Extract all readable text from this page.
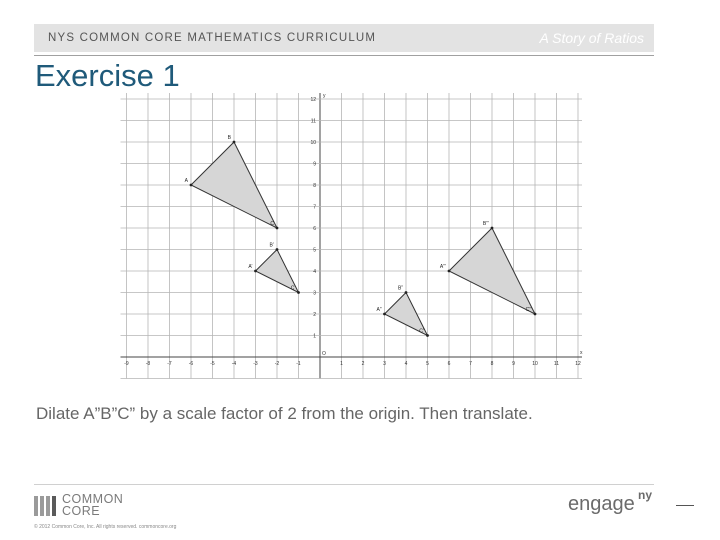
NYS COMMON CORE MATHEMATICS CURRICULUM	A Story of Ratios
Exercise 1
-9	-8	-7	-6	-5	-4	-3	-2	-1	1	2	3	4	5	6	7	8	9	10	11	12
1
2
3
4
5
6
7
8
9
10
11
12
O	x
y
A
B
C
A’
B’
C’
A”
B”
C”
A”’
B”’
C”’
Dilate A”B”C” by a scale factor of 2 from the origin. Then translate.
COMMON
CORE
© 2012 Common Core, Inc. All rights reserved. commoncore.org
engage ny
